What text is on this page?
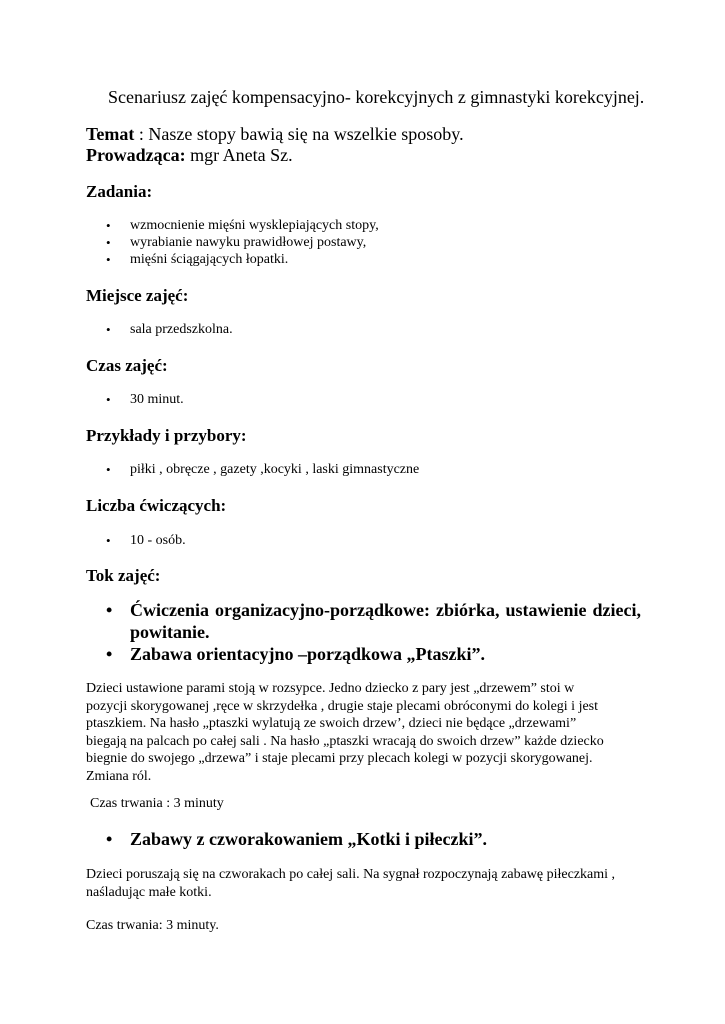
Scenariusz zajęć kompensacyjno- korekcyjnych z gimnastyki korekcyjnej.
Temat : Nasze stopy bawią się na wszelkie sposoby.
Prowadząca: mgr Aneta Sz.
Zadania:
• wzmocnienie mięśni wysklepiających stopy,
• wyrabianie nawyku prawidłowej postawy,
• mięśni ściągających łopatki.
Miejsce zajęć:
• sala przedszkolna.
Czas zajęć:
• 30 minut.
Przykłady i przybory:
• piłki , obręcze , gazety ,kocyki , laski gimnastyczne
Liczba ćwiczących:
• 10 - osób.
Tok zajęć:
• Ćwiczenia organizacyjno-porządkowe: zbiórka, ustawienie dzieci, powitanie.
• Zabawa orientacyjno –porządkowa „Ptaszki”.
Dzieci ustawione parami stoją w rozsypce. Jedno dziecko z pary jest „drzewem” stoi w
pozycji skorygowanej ,ręce w skrzydełka , drugie staje plecami obróconymi do kolegi i jest
ptaszkiem. Na hasło „ptaszki wylatują ze swoich drzew’, dzieci nie będące „drzewami”
biegają na palcach po całej sali . Na hasło „ptaszki wracają do swoich drzew” każde dziecko
biegnie do swojego „drzewa” i staje plecami przy plecach kolegi w pozycji skorygowanej.
Zmiana ról.
Czas trwania : 3 minuty
• Zabawy z czworakowaniem „Kotki i piłeczki”.
Dzieci poruszają się na czworakach po całej sali. Na sygnał rozpoczynają zabawę piłeczkami ,
naśladując małe kotki.
Czas trwania: 3 minuty.
